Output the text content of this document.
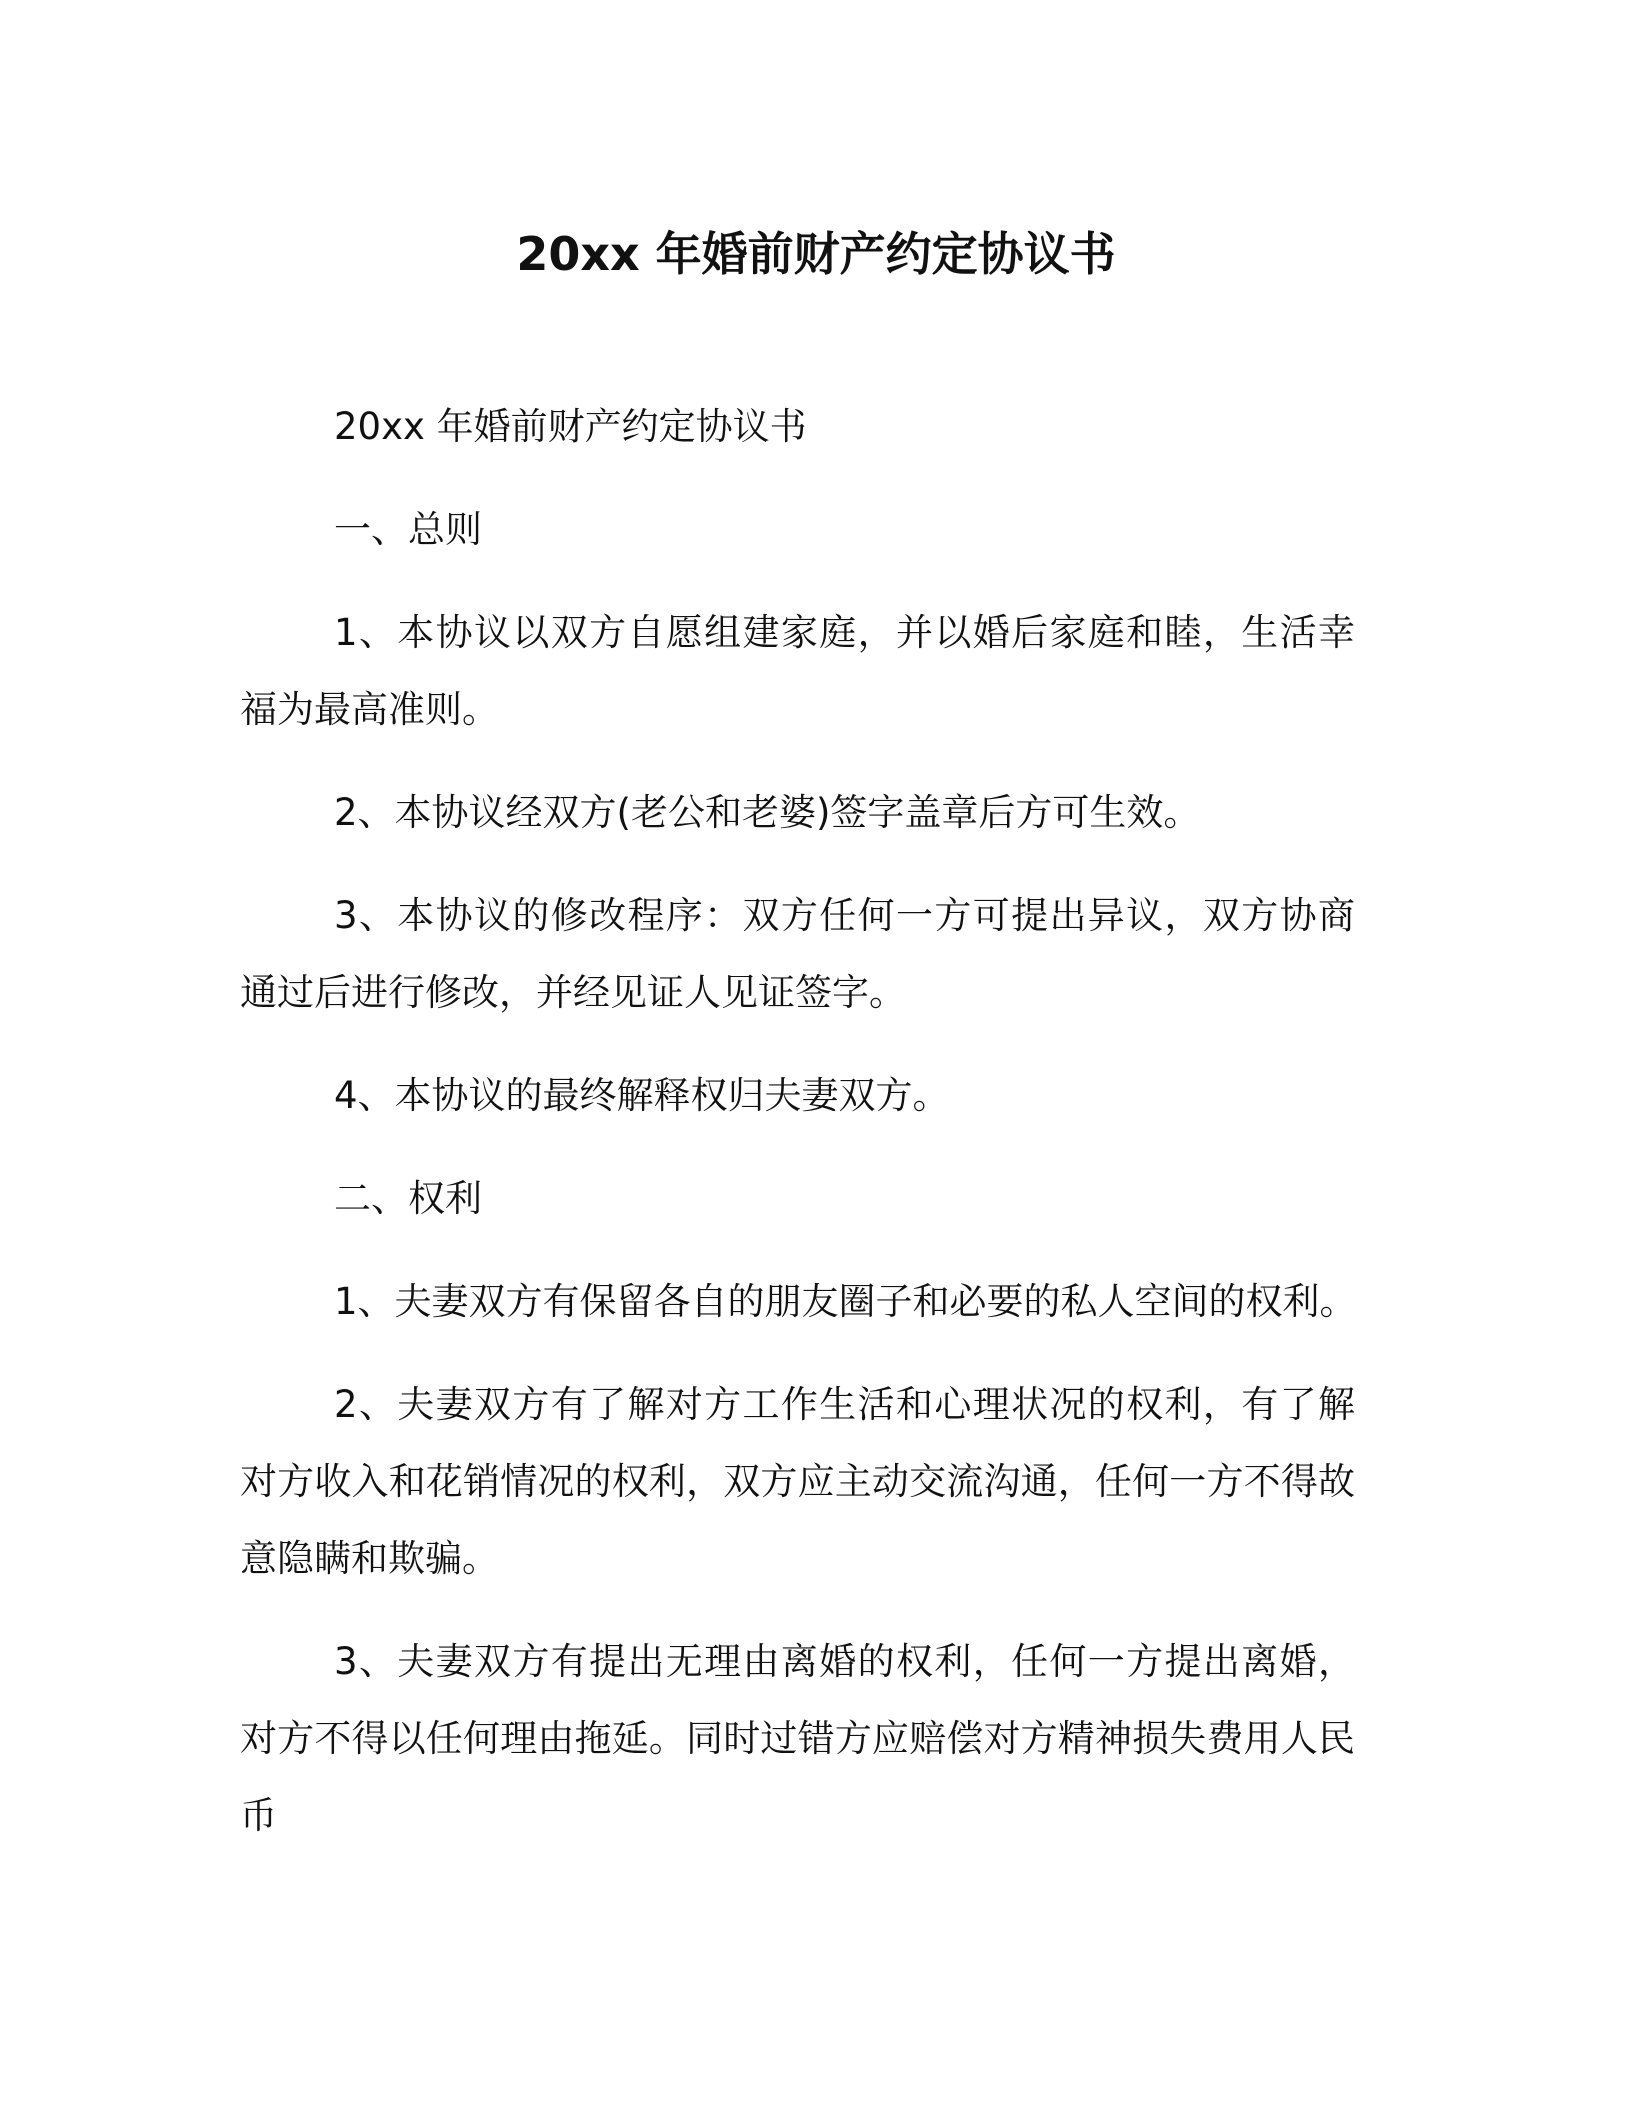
20xx 年婚前财产约定协议书

20xx 年婚前财产约定协议书

一、总则

1、本协议以双方自愿组建家庭，并以婚后家庭和睦，生活幸福为最高准则。

2、本协议经双方(老公和老婆)签字盖章后方可生效。

3、本协议的修改程序：双方任何一方可提出异议，双方协商通过后进行修改，并经见证人见证签字。

4、本协议的最终解释权归夫妻双方。

二、权利

1、夫妻双方有保留各自的朋友圈子和必要的私人空间的权利。

2、夫妻双方有了解对方工作生活和心理状况的权利，有了解对方收入和花销情况的权利，双方应主动交流沟通，任何一方不得故意隐瞒和欺骗。

3、夫妻双方有提出无理由离婚的权利，任何一方提出离婚，对方不得以任何理由拖延。同时过错方应赔偿对方精神损失费用人民币
